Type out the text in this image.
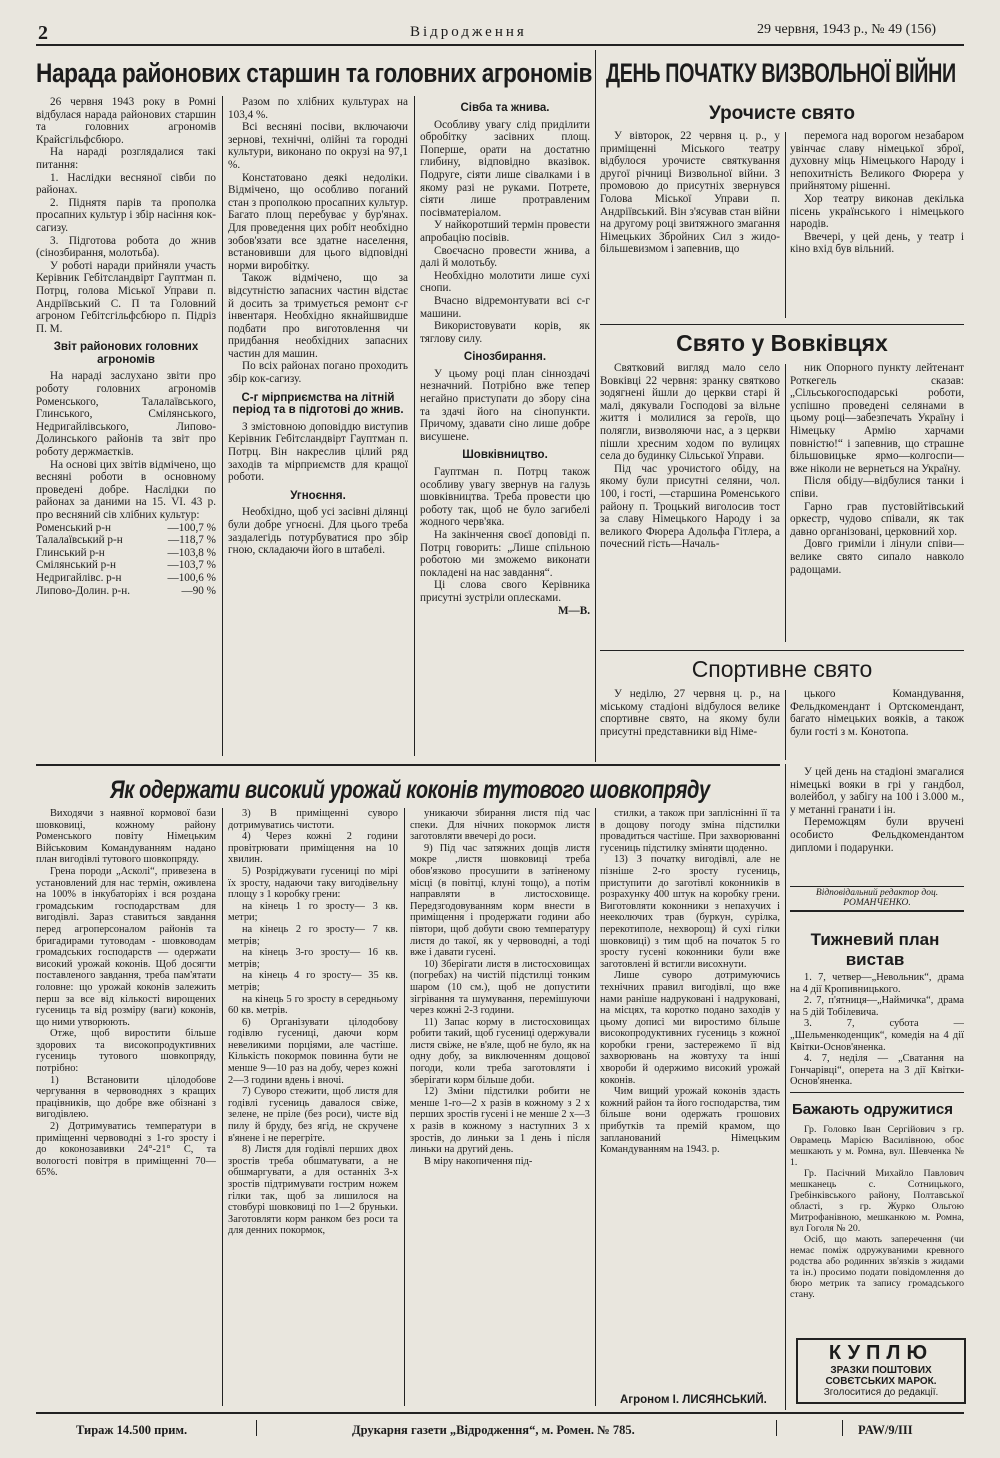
2	Відродження	29 червня, 1943 р., № 49 (156)
Нарада районових старшин та головних агрономів

26 червня 1943 року в Ромні відбулася нарада районових старшин та головних агрономів Крайсгільфсбюро.

На нараді розглядалися такі питання:

1. Наслідки весняної сівби по районах.

2. Піднятя парів та прополка просапних культур і збір насіння кок-сагизу.

3. Підготова робота до жнив (сінозбирання, молотьба).

У роботі наради прийняли участь Керівник Гебітсландвірт Гауптман п. Потрц, голова Міської Управи п. Андріївський С. П та Головний агроном Гебітсгільфсбюро п. Підріз П. М.

Звіт районових головних агрономів

На нараді заслухано звіти про роботу головних агрономів Роменського, Талалаївського, Глинського, Смілянського, Недригайлівського, Липово-Долинського районів та звіт про роботу держмаєтків.

На основі цих звітів відмічено, що весняні роботи в основному проведені добре. Наслідки по районах за даними на 15. VI. 43 р. про весняний сів хлібних культур:

Роменський р-н	—100,7 %
Талалаївський р-н	—118,7 %
Глинський р-н	—103,8 %
Смілянський р-н	—103,7 %
Недригайлівс. р-н	—100,6 %
Липово-Долин. р-н.	—90 %

Разом по хлібних культурах на 103,4 %.

Всі весняні посіви, включаючи зернові, технічні, олійні та городні культури, виконано по окрузі на 97,1 %.

Констатовано деякі недоліки. Відмічено, що особливо поганий стан з прополкою просапних культур. Багато площ перебуває у бур'янах. Для проведення цих робіт необхідно зобов'язати все здатне населення, встановивши для цього відповідні норми виробітку.

Також відмічено, що за відсутністю запасних частин відстає й досить за тримується ремонт с-г інвентаря. Необхідно якнайшвидше подбати про виготовлення чи придбання необхідних запасних частин для машин.

По всіх районах погано проходить збір кок-сагизу.

С-г мірприємства на літній період та в підготові до жнив.

З змістовною доповіддю виступив Керівник Гебітсландвірт Гауптман п. Потрц. Він накреслив цілий ряд заходів та мірприємств для кращої роботи.

Угноєння.

Необхідно, щоб усі засівні ділянці були добре угноєні. Для цього треба заздалегідь потурбуватися про збір гною, складаючи його в штабелі.

Сівба та жнива.

Особливу увагу слід приділити обробітку засівних площ. Поперше, орати на достатню глибину, відповідно вказівок. Подруге, сіяти лише сівалками і в якому разі не руками. Потрете, сіяти лише протравленим посівматеріалом.

У найкоротший термін провести апробацію посівів.

Своєчасно провести жнива, а далі й молотьбу.

Необхідно молотити лише сухі снопи.

Вчасно відремонтувати всі с-г машини.

Використовувати корів, як тяглову силу.

Сінозбирання.

У цьому році план сінноздачі незначний. Потрібно вже тепер негайно приступати до збору сіна та здачі його на сінопункти. Причому, здавати сіно лише добре висушене.

Шовківництво.

Гауптман п. Потрц також особливу увагу звернув на галузь шовківництва. Треба провести цю роботу так, щоб не було загибелі жодного черв'яка.

На закінчення своєї доповіді п. Потрц говорить: „Лише спільною роботою ми зможемо виконати покладені на нас завдання“.

Ці слова свого Керівника присутні зустріли оплесками.

М—В.
ДЕНЬ ПОЧАТКУ ВИЗВОЛЬНОЇ ВІЙНИ
Урочисте свято

У вівторок, 22 червня ц. р., у приміщенні Міського театру відбулося урочисте святкування другої річниці Визвольної війни. З промовою до присутніх звернувся Голова Міської Управи п. Андріївський. Він з'ясував стан війни на другому році звитяжного змагання Німецьких Збройних Сил з жидо-більшевизмом і запевнив, що

перемога над ворогом незабаром увінчає славу німецької зброї, духовну міць Німецького Народу і непохитність Великого Фюрера у прийнятому рішенні.

Хор театру виконав декілька пісень українського і німецького народів.

Ввечері, у цей день, у театр і кіно вхід був вільний.

Свято у Вовківцях

Святковий вигляд мало село Вовківці 22 червня: зранку святково зодягнені йшли до церкви старі й малі, дякували Господові за вільне життя і молилися за героїв, що полягли, визволяючи нас, а з церкви пішли хресним ходом по вулицях села до будинку Сільської Управи.

Під час урочистого обіду, на якому були присутні селяни, чол. 100, і гості, —старшина Роменського району п. Троцький виголосив тост за славу Німецького Народу і за великого Фюрера Адольфа Гітлера, а почесний гість—Началь-

ник Опорного пункту лейтенант Роткегель сказав: „Сільськогосподарські роботи, успішно проведені селянами в цьому році—забезпечать Україну і Німецьку Армію харчами повністю!“ і запевнив, що страшне більшовицьке ярмо—колгоспи—вже ніколи не вернеться на Україну.

Після обіду—відбулися танки і співи.

Гарно грав пустовійтівський оркестр, чудово співали, як так давно організовані, церковний хор.

Довго гриміли і лінули співи—велике свято сипало навколо радощами.

Спортивне свято

У неділю, 27 червня ц. р., на міському стадіоні відбулося велике спортивне свято, на якому були присутні представники від Німе-

цького Командування, Фельдкомендант і Ортскомендант, багато німецьких вояків, а також були гості з м. Конотопа.

У цей день на стадіоні змагалися німецькі вояки в грі у гандбол, волейбол, у забігу на 100 і 3.000 м., у метанні гранати і ін.

Переможцям були вручені особисто Фельдкомендантом дипломи і подарунки.

Відповідальний редактор доц. РОМАНЧЕНКО.
Як одержати високий урожай коконів тутового шовкопряду

Виходячи з наявної кормової бази шовковиці, кожному району Роменського повіту Німецьким Військовим Командуванням надано план вигодівлі тутового шовкопряду.

Грена породи „Асколі“, привезена в установлений для нас термін, оживлена на 100% в інкубаторіях і вся роздана громадським господарствам для вигодівлі. Зараз ставиться завдання перед агроперсоналом районів та бригадирами тутоводам - шовководам громадських господарств — одержати високий урожай коконів. Щоб досягти поставленого завдання, треба пам'ятати головне: що урожай коконів залежить перш за все від кількості вирощених гусениць та від розміру (ваги) коконів, що ними утворюють.

Отже, щоб виростити більше здорових та високопродуктивних гусениць тутового шовкопряду, потрібно:

1) Встановити цілодобове чергування в червоводнях з кращих працівників, що добре вже обізнані з вигодівлею.

2) Дотримуватись температури в приміщенні червоводні з 1-го зросту і до коконозавивки 24°-21° С, та вологості повітря в приміщенні 70—65%.

3) В приміщенні суворо дотримуватись чистоти.

4) Через кожні 2 години провітрювати приміщення на 10 хвилин.

5) Розріджувати гусениці по мірі їх зросту, надаючи таку вигодівельну площу з 1 коробку грени:

на кінець 1 го зросту— 3 кв. метри;

на кінець 2 го зросту— 7 кв. метрів;

на кінець 3-го зросту— 16 кв. метрів;

на кінець 4 го зросту— 35 кв. метрів;

на кінець 5 го зросту в середньому 60 кв. метрів.

6) Організувати цілодобову годівлю гусениці, даючи корм невеликими порціями, але частіше. Кількість покормок повинна бути не менше 9—10 раз на добу, через кожні 2—3 години вдень і вночі.

7) Суворо стежити, щоб листя для годівлі гусениць давалося свіже, зелене, не пріле (без роси), чисте від пилу й бруду, без ягід, не скручене в'янене і не перегріте.

8) Листя для годівлі перших двох зростів треба обшматувати, а не обшмаргувати, а для останніх 3-х зростів підтримувати гострим ножем гілки так, щоб за лишилося на стовбурі шовковиці по 1—2 бруньки. Заготовляти корм ранком без роси та для денних покормок,

уникаючи збирання листя під час спеки. Для нічних покормок листя заготовляти ввечері до роси.

9) Під час затяжних дощів листя мокре ,листя шовковиці треба обов'язково просушити в затіненому місці (в повітці, клуні тощо), а потім направляти в листосховище. Передзгодовуванням корм внести в приміщення і продержати години або півтори, щоб добути свою температуру листя до такої, як у червоводні, а тоді вже і давати гусені.

10) Зберігати листя в листосховищах (погребах) на чистій підстилці тонким шаром (10 см.), щоб не допустити зігрівання та шумування, перемішуючи через кожні 2-3 години.

11) Запас корму в листосховищах робити такий, щоб гусениці одержували листя свіже, не в'яле, щоб не було, як на одну добу, за виключенням дощової погоди, коли треба заготовляти і зберігати корм більше доби.

12) Зміни підстилки робити не менше 1-го—2 х разів в кожному з 2 х перших зростів гусені і не менше 2 х—3 х разів в кожному з наступних 3 х зростів, до линьки за 1 день і після линьки на другий день.

В міру накопичення під-

стилки, а також при запліснінні її та в дощову погоду зміна підстилки провадиться частіше. При захворюванні гусениць підстилку зміняти щоденно.

13) З початку вигодівлі, але не пізніше 2-го зросту гусениць, приступити до заготівлі коконників в розрахунку 400 штук на коробку грени. Виготовляти коконники з непахучих і нееколючих трав (буркун, сурілка, перекотиполе, нехворощ) й сухі гілки шовковиці) з тим щоб на початок 5 го зросту гусені коконники були вже заготовлені й встигли висохнути.

Лише суворо дотримуючись технічних правил вигодівлі, що вже нами раніше надруковані і надруковані, на місцях, та коротко подано заходів у цьому дописі ми виростимо більше високопродуктивних гусениць з кожної коробки грени, застережемо її від захворювань на жовтуху та інші хвороби й одержимо високий урожай коконів.

Чим вищий урожай коконів здасть кожний район та його господарства, тим більше вони одержать грошових прибутків та премій крамом, що запланований Німецьким Командуванням на 1943. р.

Агроном І. ЛИСЯНСЬКИЙ.
Тижневий план вистав

1. 7, четвер—„Невольник“, драма на 4 дії Кропивницького.

2. 7, п'ятниця—„Наймичка“, драма на 5 дій Тобілевича.

3. 7, субота — „Шельменкоденщик“, комедія на 4 дії Квітки-Основ'яненка.

4. 7, неділя — „Сватання на Гончарівці“, оперета на 3 дії Квітки-Основ'яненка.

Бажають одружитися

Гр. Головко Іван Сергійович з гр. Оврамець Марією Василівною, обоє мешкають у м. Ромна, вул. Шевченка № 1.

Гр. Пасічний Михайло Павлович мешканець с. Сотницького, Гребінківського району, Полтавської області, з гр. Журко Ольгою Митрофанівною, мешканкою м. Ромна, вул Гоголя № 20.

Осіб, що мають заперечення (чи немає поміж одружуваними кревного родства або родинних зв'язків з жидами та ін.) просимо подати повідомлення до бюро метрик та запису громадського стану.

КУПЛЮ
ЗРАЗКИ ПОШТОВИХ
СОВЄТСЬКИХ МАРОК.
Зголоситися до редакції.
Тираж 14.500 прим.	Друкарня газети „Відродження“, м. Ромен. № 785.	PAW/9/III
